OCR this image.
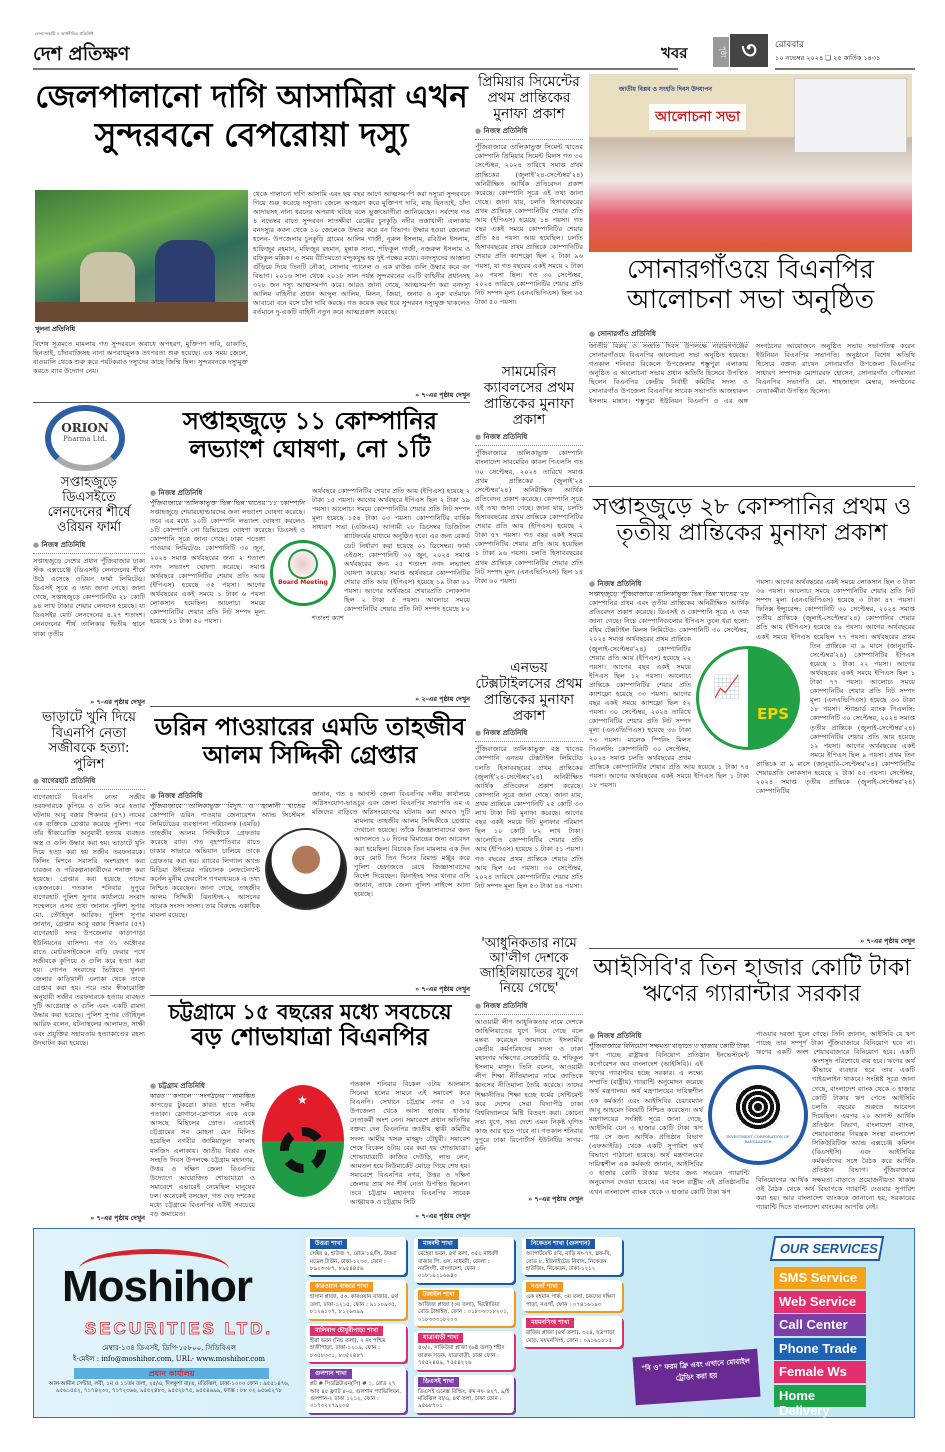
লেনদেনকারী ও আর্থনীতির প্রতিনিধি
দেশ প্রতিক্ষণ	খবর	পৃষ্ঠা ৩	রোববার
১০ নভেম্বর ২০২৪ ❑ ২৫ কার্তিক ১৪৩১
জেলপালানো দাগি আসামিরা এখন
সুন্দরবনে বেপরোয়া দস্যু
খুলনা প্রতিনিধি
থেকে পালানো দাগি আসামি এবং ছয় বছর আগে আত্মসমর্পণ করা দস্যুরা সুন্দরবনে গিয়ে শুরু করেছে দস্যুতা। জেলে অপহরণ করে মুক্তিপণ দাবি, মাছ ছিনতাই, চাঁদা আদায়সহ নানা ধরনের অপরাধ ঘটছে বলে ভুক্তভোগীরা জানিয়েছেন। সর্বশেষ গত ৪ নভেম্বর রাতে সুন্দরবন সাতক্ষীরা রেঞ্জের চুনকুড়ি নদীর তক্কাখালী এলাকায় বনদস্যুর কবল থেকে ১০ জেলেকে উদ্ধার করে বন বিভাগ। উদ্ধার হওয়া জেলেরা হলেন- উপজেলার চুনকুড়ি গ্রামের আলিম গাজী, নুরুল ইসলাম, রবিউল ইসলাম, হাফিজুর রহমান, মফিজুর রহমান, মুন্নাক সানা, শফিকুল গাজী, নজরুল ইসলাম ও রফিকুল মল্লিক। এ সময় রীতিমতো বন্দুকযুদ্ধ হয় দুই পক্ষের মধ্যে। বনদস্যুদের আস্তানা গুঁড়িয়ে দিয়ে তিনটি নৌকা, সোলার প্যানেল ও এক রাউন্ড গুলি উদ্ধার করে বন বিভাগ। ২০১৬ সাল থেকে ২০১৮ সাল পর্যন্ত সুন্দরবনের ৩২টি বাহিনীর প্রধানসহ ৩২৮ জন দস্যু আত্মসমর্পণ করে। আরও জানা গেছে, আত্মসমর্পণ করা বনদস্যু আলিম বাহিনীর প্রধান আব্দুল আলিম, মিলন, জিয়া, জনাব ও নুরু বর্তমানে আবারো বনে বসে চাঁদা দাবি করছে। গত কয়েক বছর ধরে সুন্দরবন দস্যুমুক্ত থাকলেও বর্তমানে দু-একটি বাহিনী নতুন করে আত্মপ্রকাশ করেছে।
বিশেষ সূত্রমতে মামলায় গত সুন্দরবনে অবাধে অপহরণ, মুক্তিপণ দাবি, ডাকাতি, ছিনতাই, চাঁদাবাজিসহ নানা অপরাধমূলক তৎপরতা শুরু হয়েছে। এক সময় জেলে, বাওয়ালি থেকে শুরু করে পর্যটকরাও দস্যুদের কাছে জিম্মি ছিল। সুন্দরবনকে দস্যুমুক্ত করতে র‍্যাব উদ্যোগ নেয়।
» ৭-এর পৃষ্ঠায় দেখুন
প্রিমিয়ার সিমেন্টের প্রথম প্রান্তিকের মুনাফা প্রকাশ
● নিজস্ব প্রতিনিধি
পুঁজিবাজারে তালিকাভুক্ত সিমেন্ট খাতের কোম্পানি প্রিমিয়ার সিমেন্ট মিলস গত ৩০ সেপ্টেম্বর, ২০২৪ তারিখে সমাপ্ত প্রথম প্রান্তিকের (জুলাই'২৪-সেপ্টেম্বর'২৪) অনিরীক্ষিত আর্থিক প্রতিবেদন প্রকাশ করেছে। কোম্পানি সূত্রে এই তথ্য জানা গেছে। জানা যায়, চলতি হিসাববছরের প্রথম প্রান্তিকে কোম্পানিটির শেয়ার প্রতি আয় (ইপিএস) হয়েছে ১৪ পয়সা। গত বছর একই সময়ে কোম্পানিটির শেয়ার প্রতি ৫৪ পয়সা আয় হয়েছিল। চলতি হিসাববছরের প্রথম প্রান্তিকে কোম্পানিটির শেয়ার প্রতি ক্যাশফ্লো ছিল ২ টাকা ৯৬ পয়সা, যা গত বছরের একই সময়ে ২ টাকা ৯০ পয়সা ছিল। গত ৩০ সেপ্টেম্বর, ২০২৪ তারিখে কোম্পানিটির শেয়ার প্রতি নিট সম্পদ মূল্য (এনএভিপিএস) ছিল ৬৫ টাকা ৫০ পয়সা।
জাতীয় বিপ্লব ও সংহতি দিবস উদযাপন
আলোচনা সভা
সোনারগাঁওয়ে বিএনপির
আলোচনা সভা অনুষ্ঠিত
● সোনারগাঁও প্রতিনিধি
জাতীয় বিপ্লব ও সংহতি দিবস উপলক্ষে নারায়ণগঞ্জের সোনারগাঁওয়ে বিএনপির আলোচনা সভা অনুষ্ঠিত হয়েছে। গতকাল শনিবার বিকেলে উপজেলার শম্ভুপুরা এলাকায় অনুষ্ঠিত এ আলোচনা সভায় প্রধান অতিথি হিসেবে উপস্থিত ছিলেন বিএনপির কেন্দ্রীয় নির্বাহী কমিটির সদস্য ও সোনারগাঁও উপজেলা বিএনপির সাবেক সভাপতি আজহারুল ইসলাম মান্নান। শম্ভুপুরা ইউনিয়ন বিএনপি ও এর অঙ্গ সংগঠনের আয়োজনে অনুষ্ঠিত সভায় সভাপতিত্ব করেন ইউনিয়ন বিএনপির সভাপতি। অনুষ্ঠানে বিশেষ অতিথি হিসেবে বক্তব্য রাখেন সোনারগাঁও উপজেলা বিএনপির সাধারণ সম্পাদক মোশাররফ হোসেন, সোনারগাঁও পৌরসভা বিএনপির সভাপতি মো. শাহজাহান মেম্বার, সংগঠনের নেতাকর্মীরা উপস্থিত ছিলেন।
সামমেরিন ক্যাবলসের প্রথম প্রান্তিকের মুনাফা প্রকাশ
● নিজস্ব প্রতিনিধি
পুঁজিবাজারে তালিকাভুক্ত কোম্পানি বাংলাদেশ সাবমেরিন কাবল পিএলসি গত ৩০ সেপ্টেম্বর, ২০২৪ তারিখে সমাপ্ত প্রথম প্রান্তিকের (জুলাই'২৪ সেপ্টেম্বর'২৪) অনিরীক্ষিত আর্থিক প্রতিবেদন প্রকাশ করেছে। কোম্পানি সূত্রে এই তথ্য জানা গেছে। জানা যায়, চলতি হিসাববছরের প্রথম প্রান্তিকে কোম্পানিটির শেয়ার প্রতি আয় (ইপিএস) হয়েছে ২ টাকা ৫৭ পয়সা। গত বছর একই সময়ে কোম্পানিটির শেয়ার প্রতি আয় হয়েছিল ১ টাকা ৯৬ পয়সা। চলতি হিসাববছরের প্রথম প্রান্তিকে কোম্পানিটির শেয়ার প্রতি নিট সম্পদ মূল্য (এনএভিপিএস) ছিল ১৪ টাকা ৬০ পয়সা।
এনভয় টেক্সটাইলসের প্রথম প্রান্তিকের মুনাফা প্রকাশ
● নিজস্ব প্রতিনিধি
পুঁজিবাজারে তালিকাভুক্ত বস্ত্র খাতের কোম্পানি এনভয় টেক্সটাইল লিমিটেড চলতি হিসাববছরের প্রথম প্রান্তিকের (জুলাই'২৪-সেপ্টেম্বর'২৪) অনিরীক্ষিত আর্থিক প্রতিবেদন প্রকাশ করেছে। কোম্পানি সূত্রে জানা গেছে। জানা যায়, প্রথম প্রান্তিকে কোম্পানিটি ২৫ কোটি ৩৩ লাখ টাকা নিট মুনাফা করেছে। আগের বছর একই সময়ে নিট মুনাফার পরিমাণ ছিল ১০ কোটি ৮২ লাখ টাকা। আলোচিত কোম্পানিটির শেয়ার প্রতি আয় (ইপিএস) হয়েছে ১ টাকা ৫১ পয়সা। গত বছরের প্রথম প্রান্তিকে শেয়ার প্রতি আয় ছিল ৬৫ পয়সা। ৩০ সেপ্টেম্বর, ২০২৪ তারিখে কোম্পানিটির শেয়ার প্রতি নিট সম্পদ মূল্য ছিল ৫৩ টাকা ৪৪ পয়সা।
'আধুনিকতার নামে আ'লীগ দেশকে জাহিলিয়াতের যুগে নিয়ে গেছে'
● নিজস্ব প্রতিনিধি
আওয়ামী লীগ আধুনিকতার নামে দেশকে জাহিলিয়াতের যুগে নিয়ে গেছে বলে মন্তব্য করেছেন জামায়াতে ইসলামীর কেন্দ্রীয় কর্মপরিষদের সদস্য ও ঢাকা মহানগর দক্ষিণের সেক্রেটারি ড. শফিকুল ইসলাম মাসুদ। তিনি বলেন, আওয়ামী লীগ শিক্ষা নীতিমালার নামে জাতিকে ধ্বংসের নীতিমালা তৈরি করেছে। তাদের শিক্ষানীতির শিক্ষা হচ্ছে ধর্মের সেন্টিমেন্ট করে দেশের সেরা বিদ্যাপীঠ ঢাকা বিশ্ববিদ্যালয়ে মিষ্টি বিতরণ করা। কোনো সভ্য যুগে, সভ্য দেশে এমন নিকৃষ্ট ঘৃণিত কাজ আর হতে পারে না। গতকাল শনিবার দুপুরে ঢাকা রিপোর্টার্স ইউনিটির সাগর-রুনি
» ৭-এর পৃষ্ঠায় দেখুন
ORION
Pharma Ltd.
সপ্তাহজুড়ে ডিএসইতে লেনদেনের শীর্ষে ওরিয়ন ফার্মা
● নিজস্ব প্রতিনিধি
সপ্তাহজুড়ে দেশের প্রধান পুঁজিবাজার ঢাকা স্টক এক্সচেঞ্জে (ডিএসই) লেনদেনের শীর্ষে উঠে এসেছে ওরিয়ন ফার্মা লিমিটেড। ডিএসই সূত্রে এ তথ্য জানা গেছে। জানা গেছে, সপ্তাহজুড়ে কোম্পানিটির ২৮ কোটি ৯৪ লাখ টাকার শেয়ার লেনদেন হয়েছে। যা ডিএসইর মোট লেনদেনের ৪.২৭ শতাংশ। লেনদেনের শীর্ষ তালিকার দ্বিতীয় স্থানে থাকা তৃতীয়
» ৭-এর পৃষ্ঠায় দেখুন
ভাড়াটে খুনি দিয়ে বিএনপি নেতা সজীবকে হত্যা: পুলিশ
● বাগেরহাট প্রতিনিধি
বাগেরহাটে বিএনপি নেতা সজীব তরফদারকে কুপিয়ে ও গুলি করে হত্যার ঘটনায় আবু বক্কার শিকদার (৫৭) নামের এক ব্যক্তিকে গ্রেপ্তার করেছে পুলিশ। পরে তাঁর স্বীকারোক্তি অনুযায়ী হত্যায় ব্যবহৃত অস্ত্র ও গুলি উদ্ধার করা হয়। ভাড়াটে খুনি দিয়ে হত্যা করা হয় সজীব তরফদারকে। কিলিং মিশনে সরাসরি অংশগ্রহণ করা চারজন ও পরিকল্পনাকারীদের শনাক্ত করা হয়েছে। গ্রেপ্তার করা হয়েছে তাদের একজনকে। গতকাল শনিবার দুপুরে বাগেরহাট পুলিশ সুপার কার্যালয়ে সংবাদ সম্মেলনে এসব তথ্য জানান পুলিশ সুপার মো. তৌহিদুল আরিফ। পুলিশ সুপার জানান, গ্রেপ্তার আবু বক্কার শিকদার (৫৭) বাগেরহাট সদর উপজেলার কাড়াপাড়া ইউনিয়নের বাসিন্দা। গত ৩১ অক্টোবর রাতে মোটরসাইকেলে বাড়ি ফেরার পথে সজীবকে কুপিয়ে ও গুলি করে হত্যা করা হয়। গোপন সংবাদের ভিত্তিতে খুলনা জেলার কাড়িখালী এলাকা থেকে তাকে গ্রেপ্তার করা হয়। পরে তার স্বীকারোক্তি অনুযায়ী সজীব তরফদারকে হত্যায় ব্যবহৃত দুটি আগ্নেয়াস্ত্র ও গুলি এবং একটি রামদা উদ্ধার করা হয়েছে। পুলিশ সুপার তৌহিদুল আরিফ বলেন, ঘটনাস্থলের আলামত, সাক্ষী এবং প্রযুক্তির সহায়তায় হত্যাকাণ্ডের রহস্য উদঘাটন করা হয়েছে।
» ৭-এর পৃষ্ঠায় দেখুন
সপ্তাহজুড়ে ১১ কোম্পানির
লভ্যাংশ ঘোষণা, নো ১টি
● নিজস্ব প্রতিনিধি
পুঁজিবাজারে তালিকাভুক্ত ভিন্ন ভিন্ন খাতের ১১ কোম্পানি সপ্তাহজুড়ে শেয়ারহোল্ডারদের জন্য লভ্যাংশ ঘোষণা করেছে। তবে এর মধ্যে ১০টি কোম্পানি লভ্যাংশ ঘোষণা করলেও ১টি কোম্পানি নো ডিভিডেন্ড ঘোষণা করেছে। ডিএসই ও কোম্পানি সূত্রে জানা গেছে। ঢাকা পতেঙ্গা পাওয়ার লিমিটেড: কোম্পানিটি ৩০ জুন, ২০২৪ সমাপ্ত অর্থবছরের জন্য ২ শতাংশ নগদ লভ্যাংশ ঘোষণা করেছে। সমাপ্ত অর্থবছরে কোম্পানিটির শেয়ার প্রতি আয় (ইপিএস) হয়েছে ৩৫ পয়সা। আগের অর্থবছরের একই সময়ে ১ টাকা ৬ পয়সা লোকসান হয়েছিল। আলোচ্য সময়ে কোম্পানিটির শেয়ার প্রতি নিট সম্পদ মূল্য হয়েছে ১১ টাকা ৫০ পয়সা।
অর্থবছরে কোম্পানিটির শেয়ার প্রতি আয় (ইপিএস) হয়েছে ২ টাকা ১৫ পয়সা। আগের অর্থবছরে ইপিএস ছিল ২ টাকা ১৯ পয়সা। আলোচ্য সময়ে কোম্পানিটির শেয়ার প্রতি নিট সম্পদ মূল্য হয়েছে ১৫৪ টাকা ০৩ পয়সা। কোম্পানিটির বার্ষিক সাধারণ সভা (এজিএম) আগামী ২৮ ডিসেম্বর ডিজিটাল প্ল্যাটফর্মের মাধ্যমে অনুষ্ঠিত হবে। এর জন্য রেকর্ড ডেট নির্ধারণ করা হয়েছে ০১ ডিসেম্বর। ফার্মা এইডস: কোম্পানিটি ৩০ জুন, ২০২৪ সমাপ্ত অর্থবছরের জন্য ২৫ শতাংশ নগদ লভ্যাংশ ঘোষণা করেছে। সমাপ্ত অর্থবছরে কোম্পানিটির শেয়ার প্রতি আয় (ইপিএস) হয়েছে ১৯ টাকা ৬১ পয়সা। আগের অর্থবছরে শেয়ারপ্রতি লোকসান ছিল ২ টাকা ৫ পয়সা। আলোচ্য সময়ে কোম্পানিটির শেয়ার প্রতি নিট সম্পদ হয়েছে ৮০ শতাংশ ক্যাশ
Board Meeting
» ২-এর পৃষ্ঠায় দেখুন
ডরিন পাওয়ারের এমডি তাহজীব
আলম সিদ্দিকী গ্রেপ্তার
● নিজস্ব প্রতিনিধি
পুঁজিবাজারে তালিকাভুক্ত বিদ্যুৎ ও জ্বালানী খাতের কোম্পানি ডরিন পাওয়ার জেনারেশন অ্যান্ড সিস্টেমস লিমিটেডের ব্যবস্থাপনা পরিচালক (এমডি) তাহজীব আলম সিদ্দিকীকে গ্রেফতার করেছে র‍্যাব। গত বৃহস্পতিবার রাতে ঢাকার সাভারে অভিযান চালিয়ে তাকে গ্রেফতার করা হয়। র‍্যাবের লিগ্যাল অ্যান্ড মিডিয়া উইংয়ের পরিচালক লেফটেন্যান্ট কর্নেল মুনীম ফেরদৌস গণমাধ্যমকে এ তথ্য নিশ্চিত করেছেন। জানা গেছে, তাহজীব আলম সিদ্দিকী ঝিনাইদহ-২ আসনের সাবেক সংসদ সদস্য। তার বিরুদ্ধে একাধিক মামলা রয়েছে।
জানান, গত ৪ আগস্ট জেলা বিএনপির দলীয় কার্যালয়ে অগ্নিসংযোগ-ভাঙচুর এবং জেলা বিএনপির সভাপতি এম এ মজিদের বাড়িতে অগ্নিসংযোগের ঘটনায় করা আরও দুটি মামলায় তাহজীব আলম সিদ্দিকীকে গ্রেপ্তার দেখানো হয়েছে। তাঁকে জিজ্ঞাসাবাদের জন্য আদালতে ১০ দিনের রিমান্ডের জন্য আবেদন করা হয়েছিল। বিচারক তিন মামলায় এক দিন করে মোট তিন দিনের রিমান্ড মঞ্জুর করে পুলিশ হেফাজতে রেখে জিজ্ঞাসাবাদের নির্দেশ দিয়েছেন। ঝিনাইদহ সদর থানার ওসি জানান, তাকে জেলা পুলিশ লাইন্সে আনা হয়েছে।
» ৭-এর পৃষ্ঠায় দেখুন
চট্টগ্রামে ১৫ বছরের মধ্যে সবচেয়ে
বড় শোভাযাত্রা বিএনপির
● চট্টগ্রাম প্রতিনিধি
কারও কপালে সংগঠনের নামাঙ্কিত কাপড়ের টুকরো। কারও হাতে দলীয় পতাকা। স্লোগানে-স্লোগানে একে একে আসছে মিছিলের স্রোত। এভাবেই চট্টগ্রামের সব মোহনা যেন মিলিত হয়েছিল নগরীর জামিয়াতুল ফালাহ মসজিদ এলাকায়। জাতীয় বিপ্লব এবং সংহতি দিবস উপলক্ষে চট্টগ্রাম মহানগর, উত্তর ও দক্ষিণ জেলা বিএনপির উদ্যোগে আয়োজিত শোভাযাত্রা ও সমাবেশে এভাবেই নেমেছিল মানুষের ঢল। অনেকেই বলছেন, গত দেড় দশকের মধ্যে চট্টগ্রামে বিএনপির এটিই সবচেয়ে বড় জমায়েত।
★
গতকাল শনিবার বিকেল ৩টায় আলমাস সিনেমা হলের সামনে এই সমাবেশ করে বিএনপি। সেখানে চট্টগ্রাম নগর ও ১৫ উপজেলা থেকে আসা হাজার হাজার নেতাকর্মী অংশ নেন। সমাবেশে প্রধান অতিথির বক্তব্য দেন বিএনপির জাতীয় স্থায়ী কমিটির সদস্য আমীর খসরু মাহমুদ চৌধুরী। সমাবেশ শেষে বিকেল ৫টায় বের করা হয় শোভাযাত্রা। শোভাযাত্রাটি কাজির দেউড়ি, লাভ লেন, আমতল হয়ে নিউমার্কেট মোড়ে গিয়ে শেষ হয়। সমাবেশে বিএনপির নগর, উত্তর ও দক্ষিণ জেলার প্রায় সব শীর্ষ নেতা উপস্থিত ছিলেন। তবে চট্টগ্রাম মহানগর বিএনপির সাবেক আহ্বায়ক ও চট্টগ্রাম সিটি
» ৭-এর পৃষ্ঠায় দেখুন
সপ্তাহজুড়ে ২৮ কোম্পানির প্রথম ও
তৃতীয় প্রান্তিকের মুনাফা প্রকাশ
● নিজস্ব প্রতিনিধি
সপ্তাহজুড়ে পুঁজিবাজারে তালিকাভুক্ত ভিন্ন ভিন্ন খাতের ২৮ কোম্পানির প্রথম এবং তৃতীয় প্রান্তিকের অনিরীক্ষিত আর্থিক প্রতিবেদন প্রকাশ করেছে। ডিএসই ও কোম্পানি সূত্রে এ তথ্য জানা গেছে। নিম্নে কোম্পানিগুলোর ইপিএস তুলে ধরা হলো: রহিম টেক্সটাইল মিলস লিমিটেড: কোম্পানিটি ৩০ সেপ্টেম্বর, ২০২৪ সমাপ্ত অর্থবছরের প্রথম প্রান্তিকে (জুলাই-সেপ্টেম্বর'২৪) কোম্পানিটির শেয়ার প্রতি আয় (ইপিএস) হয়েছে ২২ পয়সা। আগের বছর একই সময়ে ইপিএস ছিল ১২ পয়সা। আলোচ্য প্রান্তিকে কোম্পানিটির শেয়ার প্রতি ক্যাশফ্লো হয়েছে ৩৩ পয়সা। আগের বছর একই সময়ে ক্যাশফ্লো ছিল ৫২ পয়সা। ৩০ সেপ্টেম্বর, ২০২৪ তারিখে কোম্পানিটির শেয়ার প্রতি নিট সম্পদ মূল্য (এনএভিপিএস) হয়েছে ৩৬ টাকা ৭৩ পয়সা। মালেক স্পিনিং মিলস পিএলসি: কোম্পানিটি ৩০ সেপ্টেম্বর, ২০২৪ সমাপ্ত চলতি অর্থবছরের প্রথম প্রান্তিকে কোম্পানিটির শেয়ার প্রতি আয় হয়েছে ১ টাকা ৭৪ পয়সা। আগের অর্থবছরের একই সময়ে ইপিএস ছিল ১ টাকা ১৮ পয়সা।
পয়সা। আগের অর্থবছরের একই সময়ে লোকসান ছিল ৩ টাকা ৩৬ পয়সা। আলোচ্য সময়ে কোম্পানিটির শেয়ার প্রতি নিট সম্পদ মূল্য (এনএভিপিএস) হয়েছে ৩ টাকা ৪৭ পয়সা। ফিনিক্স ইন্স্যুরেন্স: কোম্পানিটি ৩০ সেপ্টেম্বর, ২০২৪ সমাপ্ত তৃতীয় প্রান্তিকে (জুলাই-সেপ্টেম্বর'২৪) কোম্পানির শেয়ার প্রতি আয় (ইপিএস) হয়েছে ৫৯ পয়সা। আগের অর্থবছরের একই সময়ে ইপিএস হয়েছিল ৭৭ পয়সা। অর্থবছরের প্রথম তিন প্রান্তিকে বা ৯ মাসে (জানুয়ারি-সেপ্টেম্বর'২৪) কোম্পানিটির ইপিএস হয়েছে ১ টাকা ২২ পয়সা। আগের অর্থবছরের একই সময়ে ইপিএস ছিল ১ টাকা ৭৭ পয়সা। আলোচ্য সময়ে কোম্পানিটির শেয়ার প্রতি নিট সম্পদ মূল্য (এনএভিপিএস) হয়েছে ৩৩ টাকা ১৮ পয়সা। স্ট্যান্ডার্ড ব্যাংক পিএলসি: কোম্পানিটি ৩০ সেপ্টেম্বর, ২০২৪ সমাপ্ত তৃতীয় প্রান্তিকে (জুলাই-সেপ্টেম্বর'২৪) কোম্পানিটির শেয়ার প্রতি আয় হয়েছে ১২ পয়সা। আগের অর্থবছরের একই সময়ে ইপিএস ছিল ৯ পয়সা। প্রথম তিন প্রান্তিকে বা ৯ মাসে (জানুয়ারি-সেপ্টেম্বর'২৪) কোম্পানিটির শেয়ারপ্রতি লোকসান হয়েছে ২ টাকা ৫৫ পয়সা। সেপ্টেম্বর, ২০২৪ সমাপ্ত তৃতীয় প্রান্তিকে (জুলাই-সেপ্টেম্বর'২৪) কোম্পানিটির
📈
EPS
» ৭-এর পৃষ্ঠায় দেখুন
আইসিবি'র তিন হাজার কোটি টাকা
ঋণের গ্যারান্টার সরকার
● নিজস্ব প্রতিনিধি
পুঁজিবাজারে বিনিয়োগ সক্ষমতা বাড়াতে ৩ হাজার কোটি টাকা ঋণ পাচ্ছে রাষ্ট্রায়ত্ত বিনিয়োগ প্রতিষ্ঠান ইনভেস্টমেন্ট কর্পোরেশন অব বাংলাদেশ (আইসিবি)। এই ঋণের গ্যারান্টার হচ্ছে সরকার। এ লক্ষ্যে সম্প্রতি (রাষ্ট্রীয়) গ্যারান্টি অনুমোদন করেছে অর্থ মন্ত্রণালয়। অর্থ মন্ত্রণালয়ের দায়িত্বশীল এক কর্মকর্তা এবং আইসিবির চেয়ারম্যান আবু আহমেদ বিষয়টি নিশ্চিত করেছেন। অর্থ মন্ত্রণালয়ের সংশ্লিষ্ট সূত্রে জানা গেছে, আইসিবি যেন ৩ হাজার কোটি টাকা ঋণ পায় সে জন্য আর্থিক প্রতিষ্ঠান বিভাগ (এফআইডি) থেকে একটি সুপারিশ অর্থ বিভাগে পাঠানো হয়েছে। অর্থ মন্ত্রণালয়ের দায়িত্বশীল এক কর্মকর্তা জানান, আইসিবির ৩ হাজার কোটি টাকার ঋণের জন্য সভরেন গ্যারান্টি অনুমোদন দেওয়া হয়েছে। এর ফলে রাষ্ট্রীয় এই প্রতিষ্ঠানটির এখন বাংলাদেশ ব্যাংক থেকে ৩ হাজার কোটি টাকা ঋণ
পাওয়ার দরজা খুলে গেছে। তিনি জানান, আইসিবি যে ঋণ পাচ্ছে তার সম্পূর্ণ টাকা পুঁজিবাজারে বিনিয়োগ হবে না। ঋণের একটি অংশ শেয়ারবাজারে বিনিয়োগ হবে। একটি অংশসুদ পরিশোধে ব্যয় হবে। ঋণের অর্থ কীভাবে ব্যবহার হবে তার একটি গাইডলাইন থাকবে। সংশ্লিষ্ট সূত্রে জানা গেছে, বাংলাদেশ ব্যাংক থেকে ৩ হাজার কোটি টাকার ঋণ পেতে আইসিবি চলতি বছরের শুরুতে আবেদন দিয়েছিল। এরপর ২০ আগস্ট আর্থিক প্রতিষ্ঠান বিভাগ, বাংলাদেশ ব্যাংক, শেয়ারবাজার নিয়ন্ত্রক সংস্থা বাংলাদেশ সিকিউরিটিজ অ্যান্ড এক্সচেঞ্জ কমিশন (বিএসইসি) এবং আইসিবির কর্মকর্তাদের সঙ্গে বৈঠক করে আর্থিক প্রতিষ্ঠান বিভাগ। পুঁজিবাজারে বিনিয়োগের আর্থিক সক্ষমতা বাড়াতে প্রয়োজনীয়তা থাকায় ওই বৈঠক থেকে অর্থ বিভাগকে গ্যারান্টি দেওয়ার সুপারিশ করা হয়। আর বাংলাদেশ ব্যাংককে জানানো হয়, সরকারের গ্যারান্টি দিতে বাংলাদেশ ব্যাংকের আপত্তি নেই।
INVESTMENT CORPORATION OF BANGLADESH
Moshihor
SECURITIES LTD.
মেম্বার-১৩৪ ডিএসই, ডিপি-১৫৮০০, সিডিবিএল
ই-মেইল : info@moshihor.com, URL- www.moshihor.com
প্রধান কার্যালয়
আল-আমীন সেন্টার, লবী, ১ম ও ১১তম তলা, ২৫/এ, দিলকুশা বা/এ, মতিঝিল, ঢাকা-১০০০ ফোন : ৯৫৫১৪৭৬, ৯৫৬১৫৫২, ৭১৭৪২৩০, ৭১৭২৩৬৬, ৯৫৫২৪৮৩, ৯৫৫২৮৭৫, ৯৫৫৪৬৯৯, ফ্যাক্স : ৮৮ ০২ ৯৫৬৫২৭৮
উত্তরা শাখা
সেক্টর ৪, হাউজ ৭, রোড ১৪/সি, উত্তরা মডেল টাউন, ঢাকা-১২৩০, ফোন : ৮৯২৩৩৮৭, ৮৯৫৪৪৫৬
কারওয়ান বাজার শাখা
হাসান প্লাজা, ৫৩, কারওয়ান বাজার, ৪র্থ তলা, ঢাকা-১২১৫, ফোন : ৯১১০৯৩৫, ৮১২৬১০৭, ৮১২৬৩৯৯
মালিবাগ চৌধুরীপাড়া শাখা
হীরা ভবন (নিচ তলা), ২ নং পশ্চিম হাজীপাড়া, ঢাকা-১২১৯, ফোন : ৮৩৫৮৩৩১, ৮৩৫২৪৮৭
গুলশান শাখা
প্লট # সিডব্লিউএন(সি) # ১, রোড ২৭ আর ৪৫ ফ্ল্যাট ৪-এ, গুলশান প্যাভিলিয়ন, গুলশান-২ ঢাকা ১২১২, ফোন : ০১৭৩২২৭৯২০৪
মাধবদী শাখা
মেহেরা ভবন, ৪র্থ তলা, ৩৫২ মাধবদী বাজার পি. এস. মাধবদী, জেলা : নরসিংদী, বাংলাদেশ, ফোন : ০১৮১৯২১৬৯৪০
টাঙ্গাইল শাখা
আজিজ প্লাজা (৩য় তলা), ভিক্টোরিয়া রোড টাঙ্গাইল, ফোন : ০১৮৩৩৩১৮২০১, ০১৮৩৩৩১৮২০৩
যাত্রাবাড়ী শাখা
৪০/২, সাকিউরা প্লাজা (৬ষ্ঠ তলা) শহীদ ফারুক সড়ক, যাত্রাবাড়ী, ঢাকা ফোন : ৭৫৫২৪৪৯, ৭৫৫৪২২৬
ডিএসই শাখা
ডিএসই এনেক্স বিল্ডিং, রুম নং- ৪২৭, ৯/ই মতিঝিল বা/এ, ৪র্থ তলা, ঢাকা ফোন : ৯৫৬৮৭০১
নিকেতন শাখা (গুলশান)
অ্যাপার্টমেন্ট ৫বি, বাড়ি নং-৭৭, ব্লক-বি, রোড ৮, ইউনাইটেড নিবাস, নিকেতন হাউজিং, নিকেতন, ঢাকা-১২১২
নওগাঁ শাখা
এক রহমান পার্ক, ৩য় তলা, চকদেব দক্ষিণ পাড়া, নওগাঁ, ফোন : ০৭৪১৬১৯৩
ময়মনসিংহ শাখা
রাজিব প্লাজা (৪র্থ তলা), ৩২৪, ছত্রপাড়া মোড়, ময়মনসিংহ, ফোন : ০৯১৬১৮১৫
"বি ও" ফরম ফ্রি এবং এখানে মোবাইল ট্রেডিং করা হয়
OUR SERVICES
SMS Service
Web Service
Call Center
Phone Trade
Female Ws
Home Delivery
